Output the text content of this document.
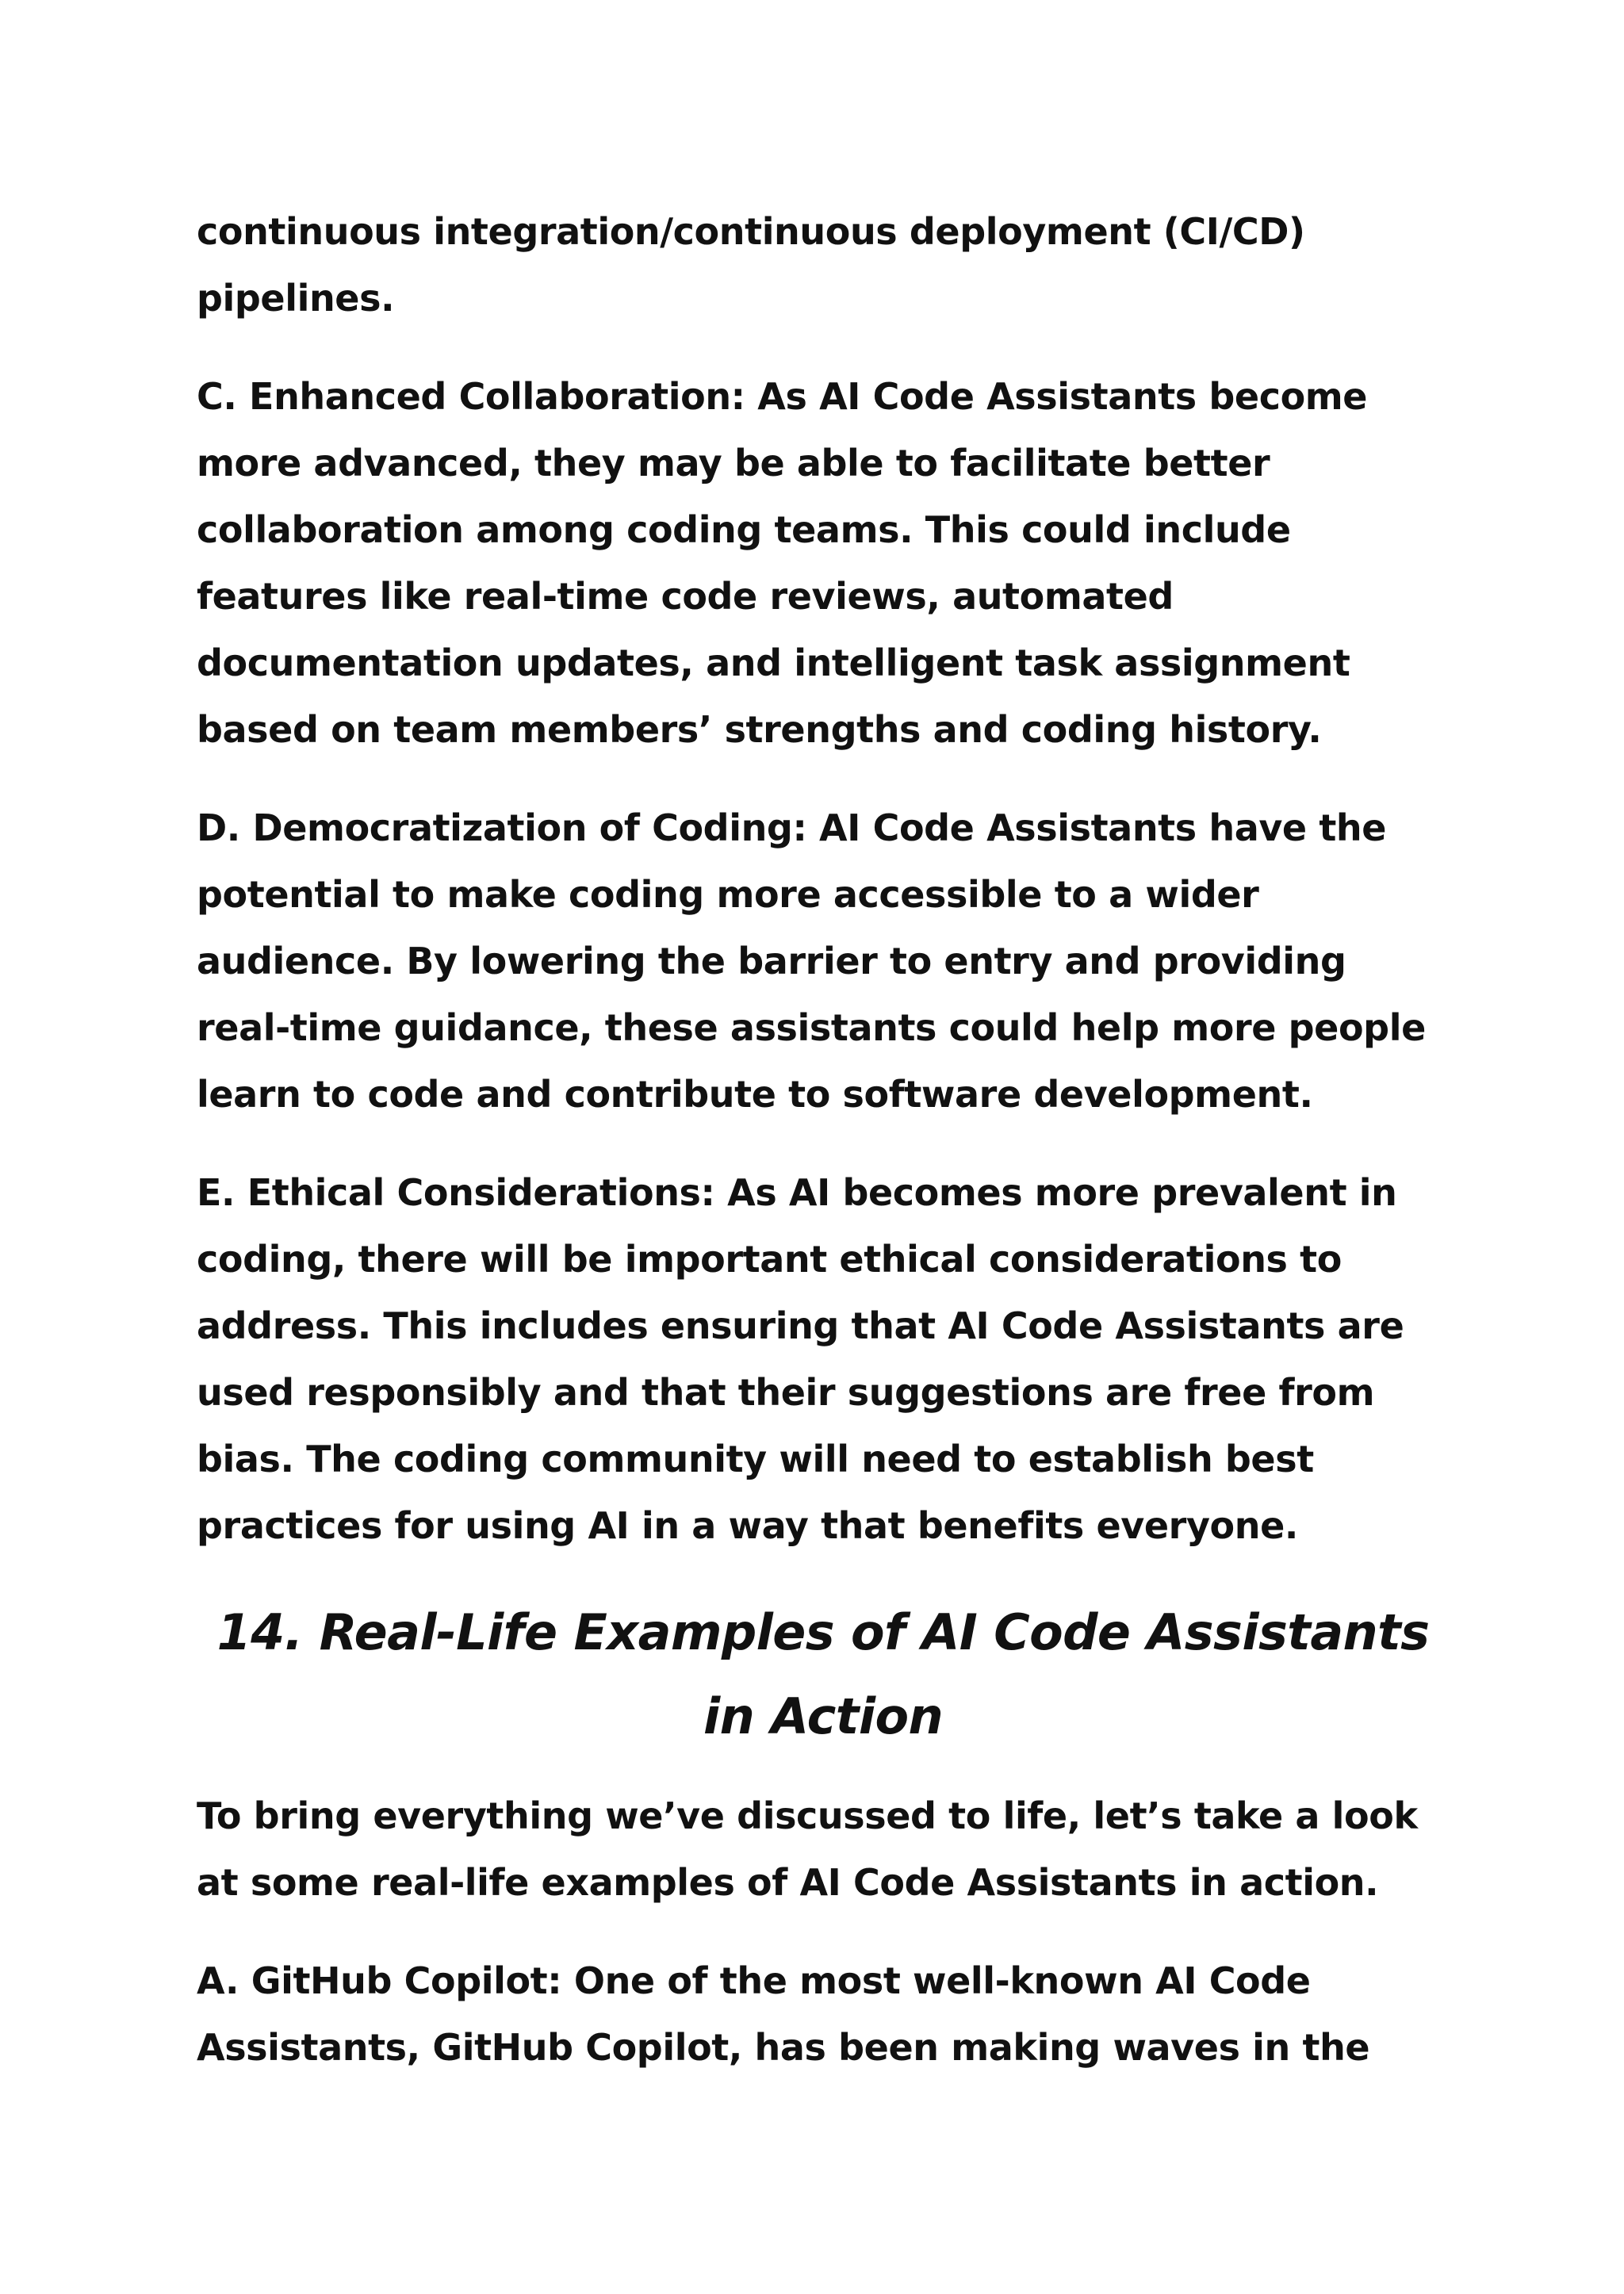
continuous integration/continuous deployment (CI/CD) pipelines.

C. Enhanced Collaboration: As AI Code Assistants become more advanced, they may be able to facilitate better collaboration among coding teams. This could include features like real-time code reviews, automated documentation updates, and intelligent task assignment based on team members’ strengths and coding history.

D. Democratization of Coding: AI Code Assistants have the potential to make coding more accessible to a wider audience. By lowering the barrier to entry and providing real-time guidance, these assistants could help more people learn to code and contribute to software development.

E. Ethical Considerations: As AI becomes more prevalent in coding, there will be important ethical considerations to address. This includes ensuring that AI Code Assistants are used responsibly and that their suggestions are free from bias. The coding community will need to establish best practices for using AI in a way that benefits everyone.

14. Real-Life Examples of AI Code Assistants in Action

To bring everything we’ve discussed to life, let’s take a look at some real-life examples of AI Code Assistants in action.

A. GitHub Copilot: One of the most well-known AI Code Assistants, GitHub Copilot, has been making waves in the
